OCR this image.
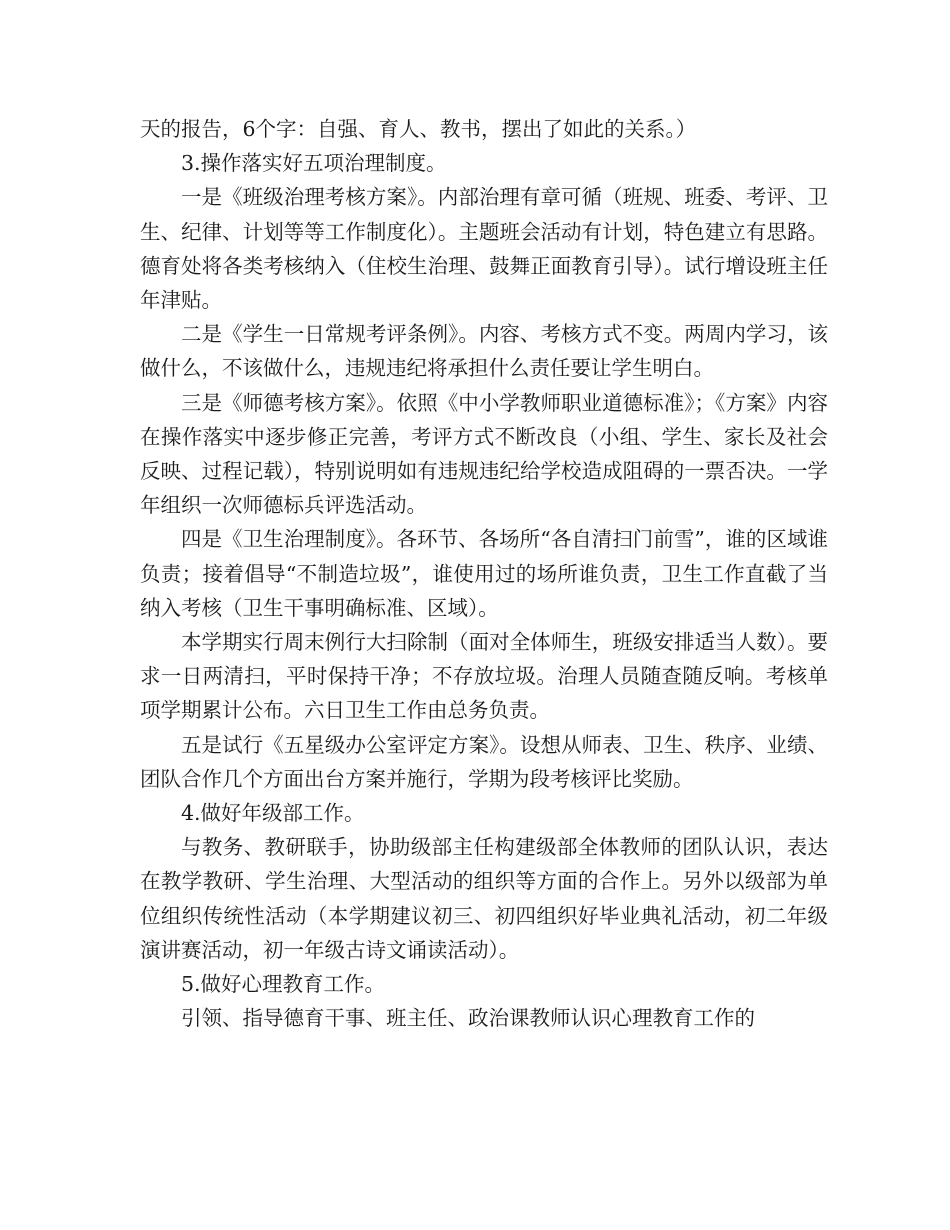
天的报告，6个字：自强、育人、教书，摆出了如此的关系。）

3.操作落实好五项治理制度。

一是《班级治理考核方案》。内部治理有章可循（班规、班委、考评、卫生、纪律、计划等等工作制度化）。主题班会活动有计划，特色建立有思路。德育处将各类考核纳入（住校生治理、鼓舞正面教育引导）。试行增设班主任年津贴。

二是《学生一日常规考评条例》。内容、考核方式不变。两周内学习，该做什么，不该做什么，违规违纪将承担什么责任要让学生明白。

三是《师德考核方案》。依照《中小学教师职业道德标准》；《方案》内容在操作落实中逐步修正完善，考评方式不断改良（小组、学生、家长及社会反映、过程记载），特别说明如有违规违纪给学校造成阻碍的一票否决。一学年组织一次师德标兵评选活动。

四是《卫生治理制度》。各环节、各场所“各自清扫门前雪”，谁的区域谁负责；接着倡导“不制造垃圾”，谁使用过的场所谁负责，卫生工作直截了当纳入考核（卫生干事明确标准、区域）。

本学期实行周末例行大扫除制（面对全体师生，班级安排适当人数）。要求一日两清扫，平时保持干净；不存放垃圾。治理人员随查随反响。考核单项学期累计公布。六日卫生工作由总务负责。

五是试行《五星级办公室评定方案》。设想从师表、卫生、秩序、业绩、团队合作几个方面出台方案并施行，学期为段考核评比奖励。

4.做好年级部工作。

与教务、教研联手，协助级部主任构建级部全体教师的团队认识，表达在教学教研、学生治理、大型活动的组织等方面的合作上。另外以级部为单位组织传统性活动（本学期建议初三、初四组织好毕业典礼活动，初二年级演讲赛活动，初一年级古诗文诵读活动）。

5.做好心理教育工作。

引领、指导德育干事、班主任、政治课教师认识心理教育工作的
